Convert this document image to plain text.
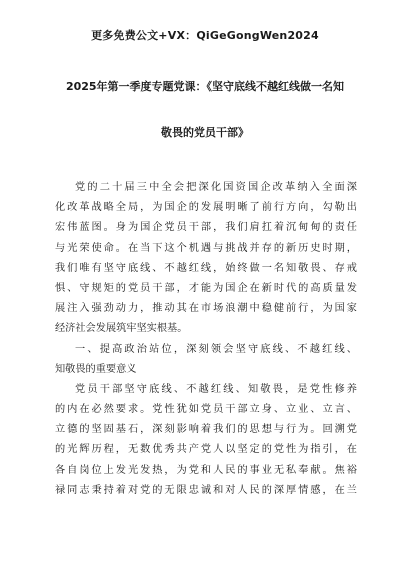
更多免费公文+VX：QiGeGongWen2024
2025年第一季度专题党课：《坚守底线不越红线做一名知
敬畏的党员干部》
党的二十届三中全会把深化国资国企改革纳入全面深
化改革战略全局，为国企的发展明晰了前行方向，勾勒出
宏伟蓝图。身为国企党员干部，我们肩扛着沉甸甸的责任
与光荣使命。在当下这个机遇与挑战并存的新历史时期，
我们唯有坚守底线、不越红线，始终做一名知敬畏、存戒
惧、守规矩的党员干部，才能为国企在新时代的高质量发
展注入强劲动力，推动其在市场浪潮中稳健前行，为国家
经济社会发展筑牢坚实根基。
一、提高政治站位，深刻领会坚守底线、不越红线、
知敬畏的重要意义
党员干部坚守底线、不越红线、知敬畏，是党性修养
的内在必然要求。党性犹如党员干部立身、立业、立言、
立德的坚固基石，深刻影响着我们的思想与行为。回溯党
的光辉历程，无数优秀共产党人以坚定的党性为指引，在
各自岗位上发光发热，为党和人民的事业无私奉献。焦裕
禄同志秉持着对党的无限忠诚和对人民的深厚情感，在兰
